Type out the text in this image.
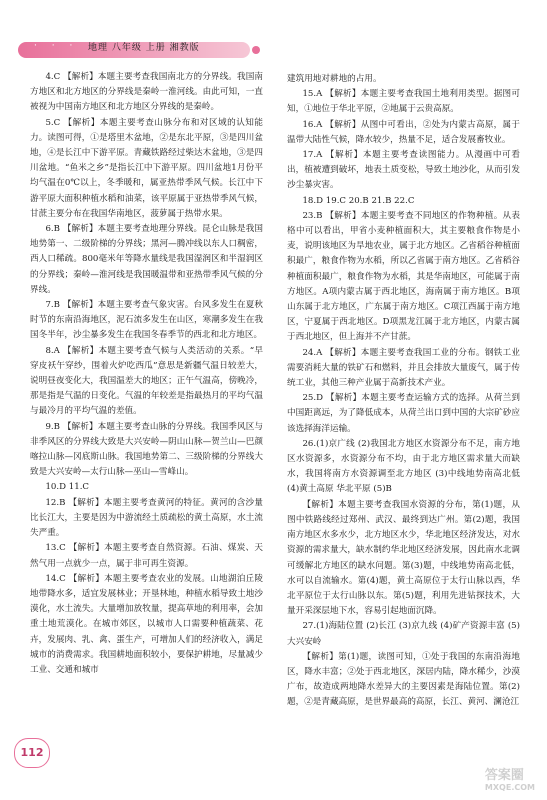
· · · 地理 八年级 上册 湘教版

4.C 【解析】本题主要考查我国南北方的分界线。我国南方地区和北方地区的分界线是秦岭一淮河线。由此可知，一直被视为中国南方地区和北方地区分界线的是秦岭。

5.C 【解析】本题主要考查山脉分布和对区域的认知能力。读图可得，①是塔里木盆地，②是东北平原，③是四川盆地，④是长江中下游平原。青藏铁路经过柴达木盆地，③是四川盆地。“鱼米之乡”是指长江中下游平原。四川盆地1月份平均气温在0℃以上，冬季暖和，属亚热带季风气候。长江中下游平原大面积种植水稻和油菜，该平原属于亚热带季风气候，甘蔗主要分布在我国华南地区，菠萝属于热带水果。

6.B 【解析】本题主要考查地理分界线。昆仑山脉是我国地势第一、二级阶梯的分界线；黑河—腾冲线以东人口稠密，西人口稀疏。800毫米年等降水量线是我国湿润区和半湿润区的分界线；秦岭—淮河线是我国暖温带和亚热带季风气候的分界线。

7.B 【解析】本题主要考查气象灾害。台风多发生在夏秋时节的东南沿海地区，泥石流多发生在山区，寒潮多发生在我国冬半年，沙尘暴多发生在我国冬春季节的西北和北方地区。

8.A 【解析】本题主要考查气候与人类活动的关系。“早穿皮袄午穿纱，围着火炉吃西瓜”意思是新疆气温日较差大，说明昼夜变化大，我国温差大的地区；正午气温高，傍晚冷，那是指是气温的日变化。气温的年较差是指最热月的平均气温与最冷月的平均气温的差值。

9.B 【解析】本题主要考查山脉的分界线。我国季风区与非季风区的分界线大致是大兴安岭—阴山山脉—贺兰山—巴颜喀拉山脉—冈底斯山脉。我国地势第二、三级阶梯的分界线大致是大兴安岭—太行山脉—巫山—雪峰山。

10.D 11.C

12.B 【解析】本题主要考查黄河的特征。黄河的含沙量比长江大，主要是因为中游流经土质疏松的黄土高原，水土流失严重。

13.C 【解析】本题主要考查自然资源。石油、煤炭、天然气用一点就少一点，属于非可再生资源。

14.C 【解析】本题主要考查农业的发展。山地湖泊丘陵地带降水多，适宜发展林业；开垦林地，种植水稻导致土地沙漠化，水土流失。大量增加放牧量，提高草地的利用率，会加重土地荒漠化。在城市郊区，以城市人口需要种植蔬菜、花卉，发展肉、乳、禽、蛋生产，可增加人们的经济收入，满足城市的消费需求。我国耕地面积较小，要保护耕地，尽量减少工业、交通和城市

建筑用地对耕地的占用。

15.A 【解析】本题主要考查我国土地利用类型。据图可知，①地位于华北平原，②地属于云贵高原。

16.A 【解析】从图中可看出，②处为内蒙古高原，属于温带大陆性气候，降水较少，热量不足，适合发展畜牧业。

17.A 【解析】本题主要考查读图能力。从漫画中可看出，植被遭到破坏，地表土质变松，导致土地沙化，从而引发沙尘暴灾害。

18.D 19.C 20.B 21.B 22.C

23.B 【解析】本题主要考查不同地区的作物种植。从表格中可以看出，甲省小麦种植面积大，其主要粮食作物是小麦，说明该地区为旱地农业，属于北方地区。乙省稻谷种植面积最广，粮食作物为水稻，所以乙省属于南方地区。乙省稻谷种植面积最广，粮食作物为水稻，其是华南地区，可能属于南方地区。A项内蒙古属于西北地区，海南属于南方地区。B项山东属于北方地区，广东属于南方地区。C项江西属于南方地区，宁夏属于西北地区。D项黑龙江属于北方地区，内蒙古属于西北地区，但上海并不产甘蔗。

24.A 【解析】本题主要考查我国工业的分布。钢铁工业需要消耗大量的铁矿石和燃料，并且会排放大量废气，属于传统工业，其他三种产业属于高新技术产业。

25.D 【解析】本题主要考查运输方式的选择。从荷兰到中国距离远，为了降低成本，从荷兰出口到中国的大宗矿砂应该选择海洋运输。

26.(1)京广线 (2)我国北方地区水资源分布不足，南方地区水资源多，水资源分布不均，由于北方地区需求量大而缺水，我国将南方水资源调至北方地区 (3)中线地势南高北低 (4)黄土高原 华北平原 (5)B

【解析】本题主要考查我国水资源的分布，第(1)题，从图中铁路线经过郑州、武汉、最终到达广州。第(2)题，我国南方地区水多水少，北方地区水少，华北地区经济发达，对水资源的需求量大，缺水制约华北地区经济发展，因此南水北调可缓解北方地区的缺水问题。第(3)题，中线地势南高北低，水可以自流输水。第(4)题，黄土高原位于太行山脉以西，华北平原位于太行山脉以东。第(5)题，利用先进钻探技术，大量开采深层地下水，容易引起地面沉降。

27.(1)海陆位置 (2)长江 (3)京九线 (4)矿产资源丰富 (5)大兴安岭

【解析】第(1)题，读图可知，①处于我国的东南沿海地区，降水丰富；②处于西北地区，深居内陆，降水稀少，沙漠广布，故造成两地降水差异大的主要因素是海陆位置。第(2)题，②是青藏高原，是世界最高的高原，长江、黄河、澜沧江

112
答案圈
MXQE.COM
